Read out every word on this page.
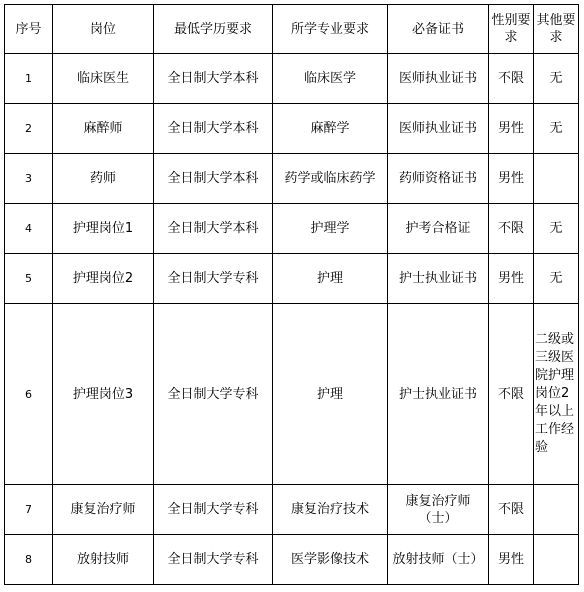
序号	岗位	最低学历要求	所学专业要求	必备证书	性别要求	其他要求
1	临床医生	全日制大学本科	临床医学	医师执业证书	不限	无
2	麻醉师	全日制大学本科	麻醉学	医师执业证书	男性	无
3	药师	全日制大学本科	药学或临床药学	药师资格证书	男性	
4	护理岗位1	全日制大学本科	护理学	护考合格证	不限	无
5	护理岗位2	全日制大学专科	护理	护士执业证书	男性	无
6	护理岗位3	全日制大学专科	护理	护士执业证书	不限	二级或三级医院护理岗位2年以上工作经验
7	康复治疗师	全日制大学专科	康复治疗技术	康复治疗师（士）	不限	
8	放射技师	全日制大学专科	医学影像技术	放射技师（士）	男性	
